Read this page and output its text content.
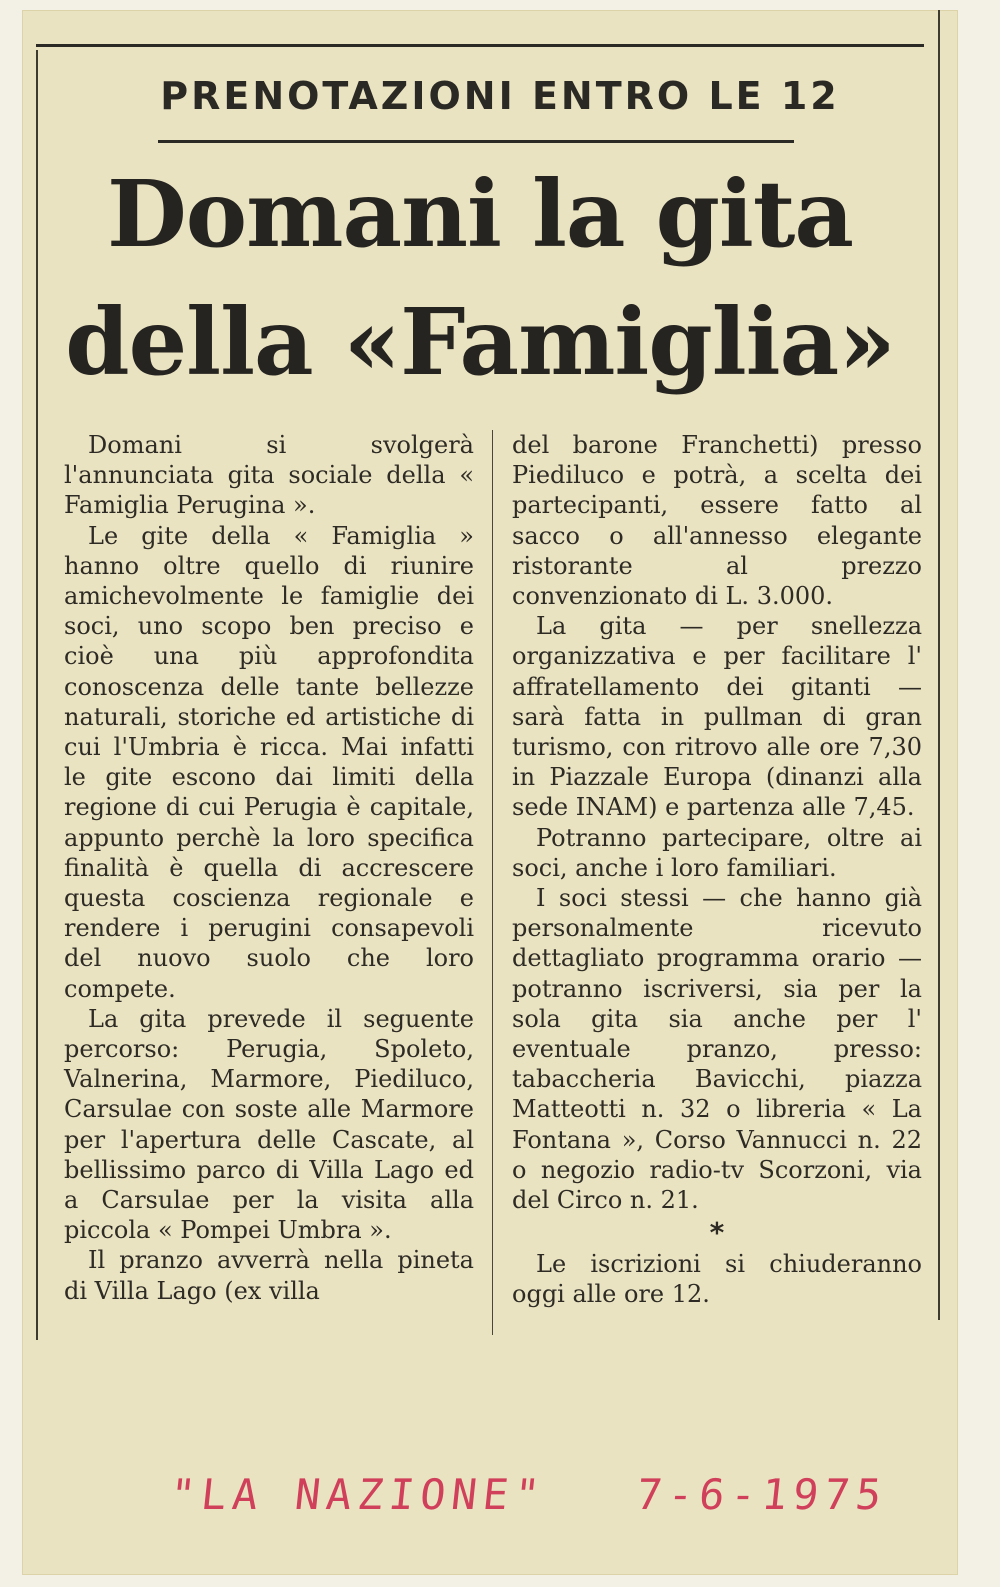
PRENOTAZIONI ENTRO LE 12
Domani la gita
della «Famiglia»

Domani si svolgerà l'annunciata gita sociale della « Famiglia Perugina ».

Le gite della « Famiglia » hanno oltre quello di riunire amichevolmente le famiglie dei soci, uno scopo ben preciso e cioè una più approfondita conoscenza delle tante bellezze naturali, storiche ed artistiche di cui l'Umbria è ricca. Mai infatti le gite escono dai limiti della regione di cui Perugia è capitale, appunto perchè la loro specifica finalità è quella di accrescere questa coscienza regionale e rendere i perugini consapevoli del nuovo suolo che loro compete.

La gita prevede il seguente percorso: Perugia, Spoleto, Valnerina, Marmore, Piediluco, Carsulae con soste alle Marmore per l'apertura delle Cascate, al bellissimo parco di Villa Lago ed a Carsulae per la visita alla piccola « Pompei Umbra ».

Il pranzo avverrà nella pineta di Villa Lago (ex villa

del barone Franchetti) presso Piediluco e potrà, a scelta dei partecipanti, essere fatto al sacco o all'annesso elegante ristorante al prezzo convenzionato di L. 3.000.

La gita — per snellezza organizzativa e per facilitare l' affratellamento dei gitanti — sarà fatta in pullman di gran turismo, con ritrovo alle ore 7,30 in Piazzale Europa (dinanzi alla sede INAM) e partenza alle 7,45.

Potranno partecipare, oltre ai soci, anche i loro familiari.

I soci stessi — che hanno già personalmente ricevuto dettagliato programma orario — potranno iscriversi, sia per la sola gita sia anche per l' eventuale pranzo, presso: tabaccheria Bavicchi, piazza Matteotti n. 32 o libreria « La Fontana », Corso Vannucci n. 22 o negozio radio-tv Scorzoni, via del Circo n. 21.

*

Le iscrizioni si chiuderanno oggi alle ore 12.

"LA NAZIONE" 7-6-1975
